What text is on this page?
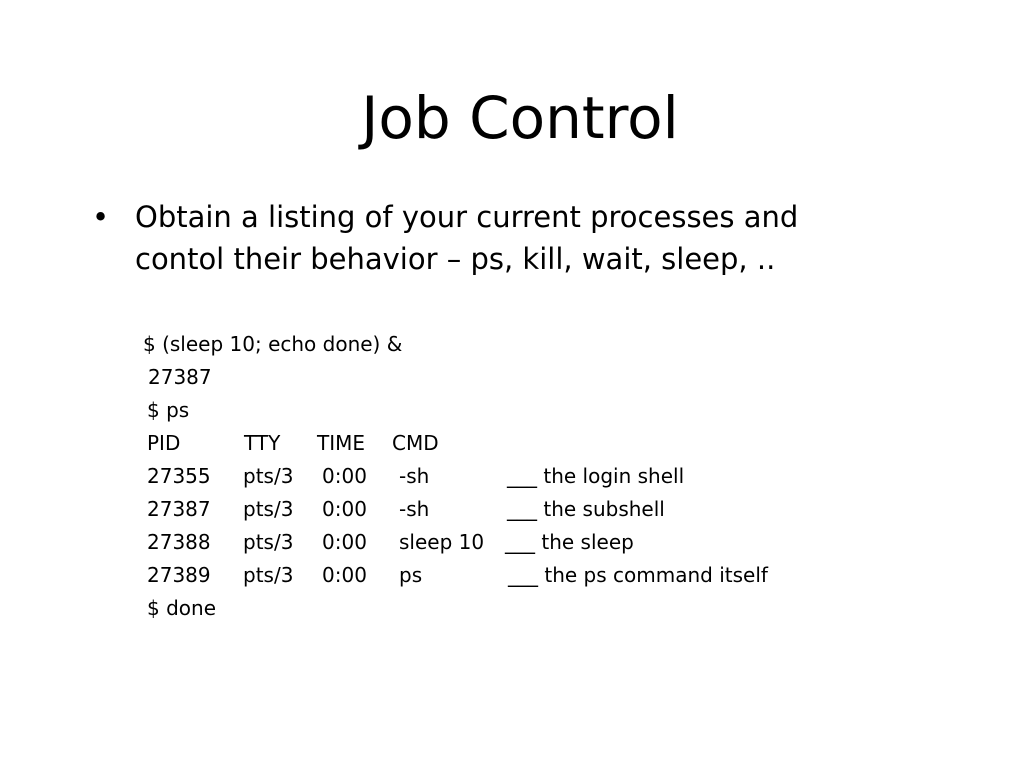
Job Control
• Obtain a listing of your current processes and
contol their behavior – ps, kill, wait, sleep, ..
$ (sleep 10; echo done) &
27387
$ ps
PID	TTY TIME CMD
27355 pts/3 0:00 -sh	___ the login shell
27387 pts/3 0:00 -sh	___ the subshell
27388 pts/3 0:00 sleep 10 ___ the sleep
27389 pts/3 0:00 ps	___ the ps command itself
$ done
